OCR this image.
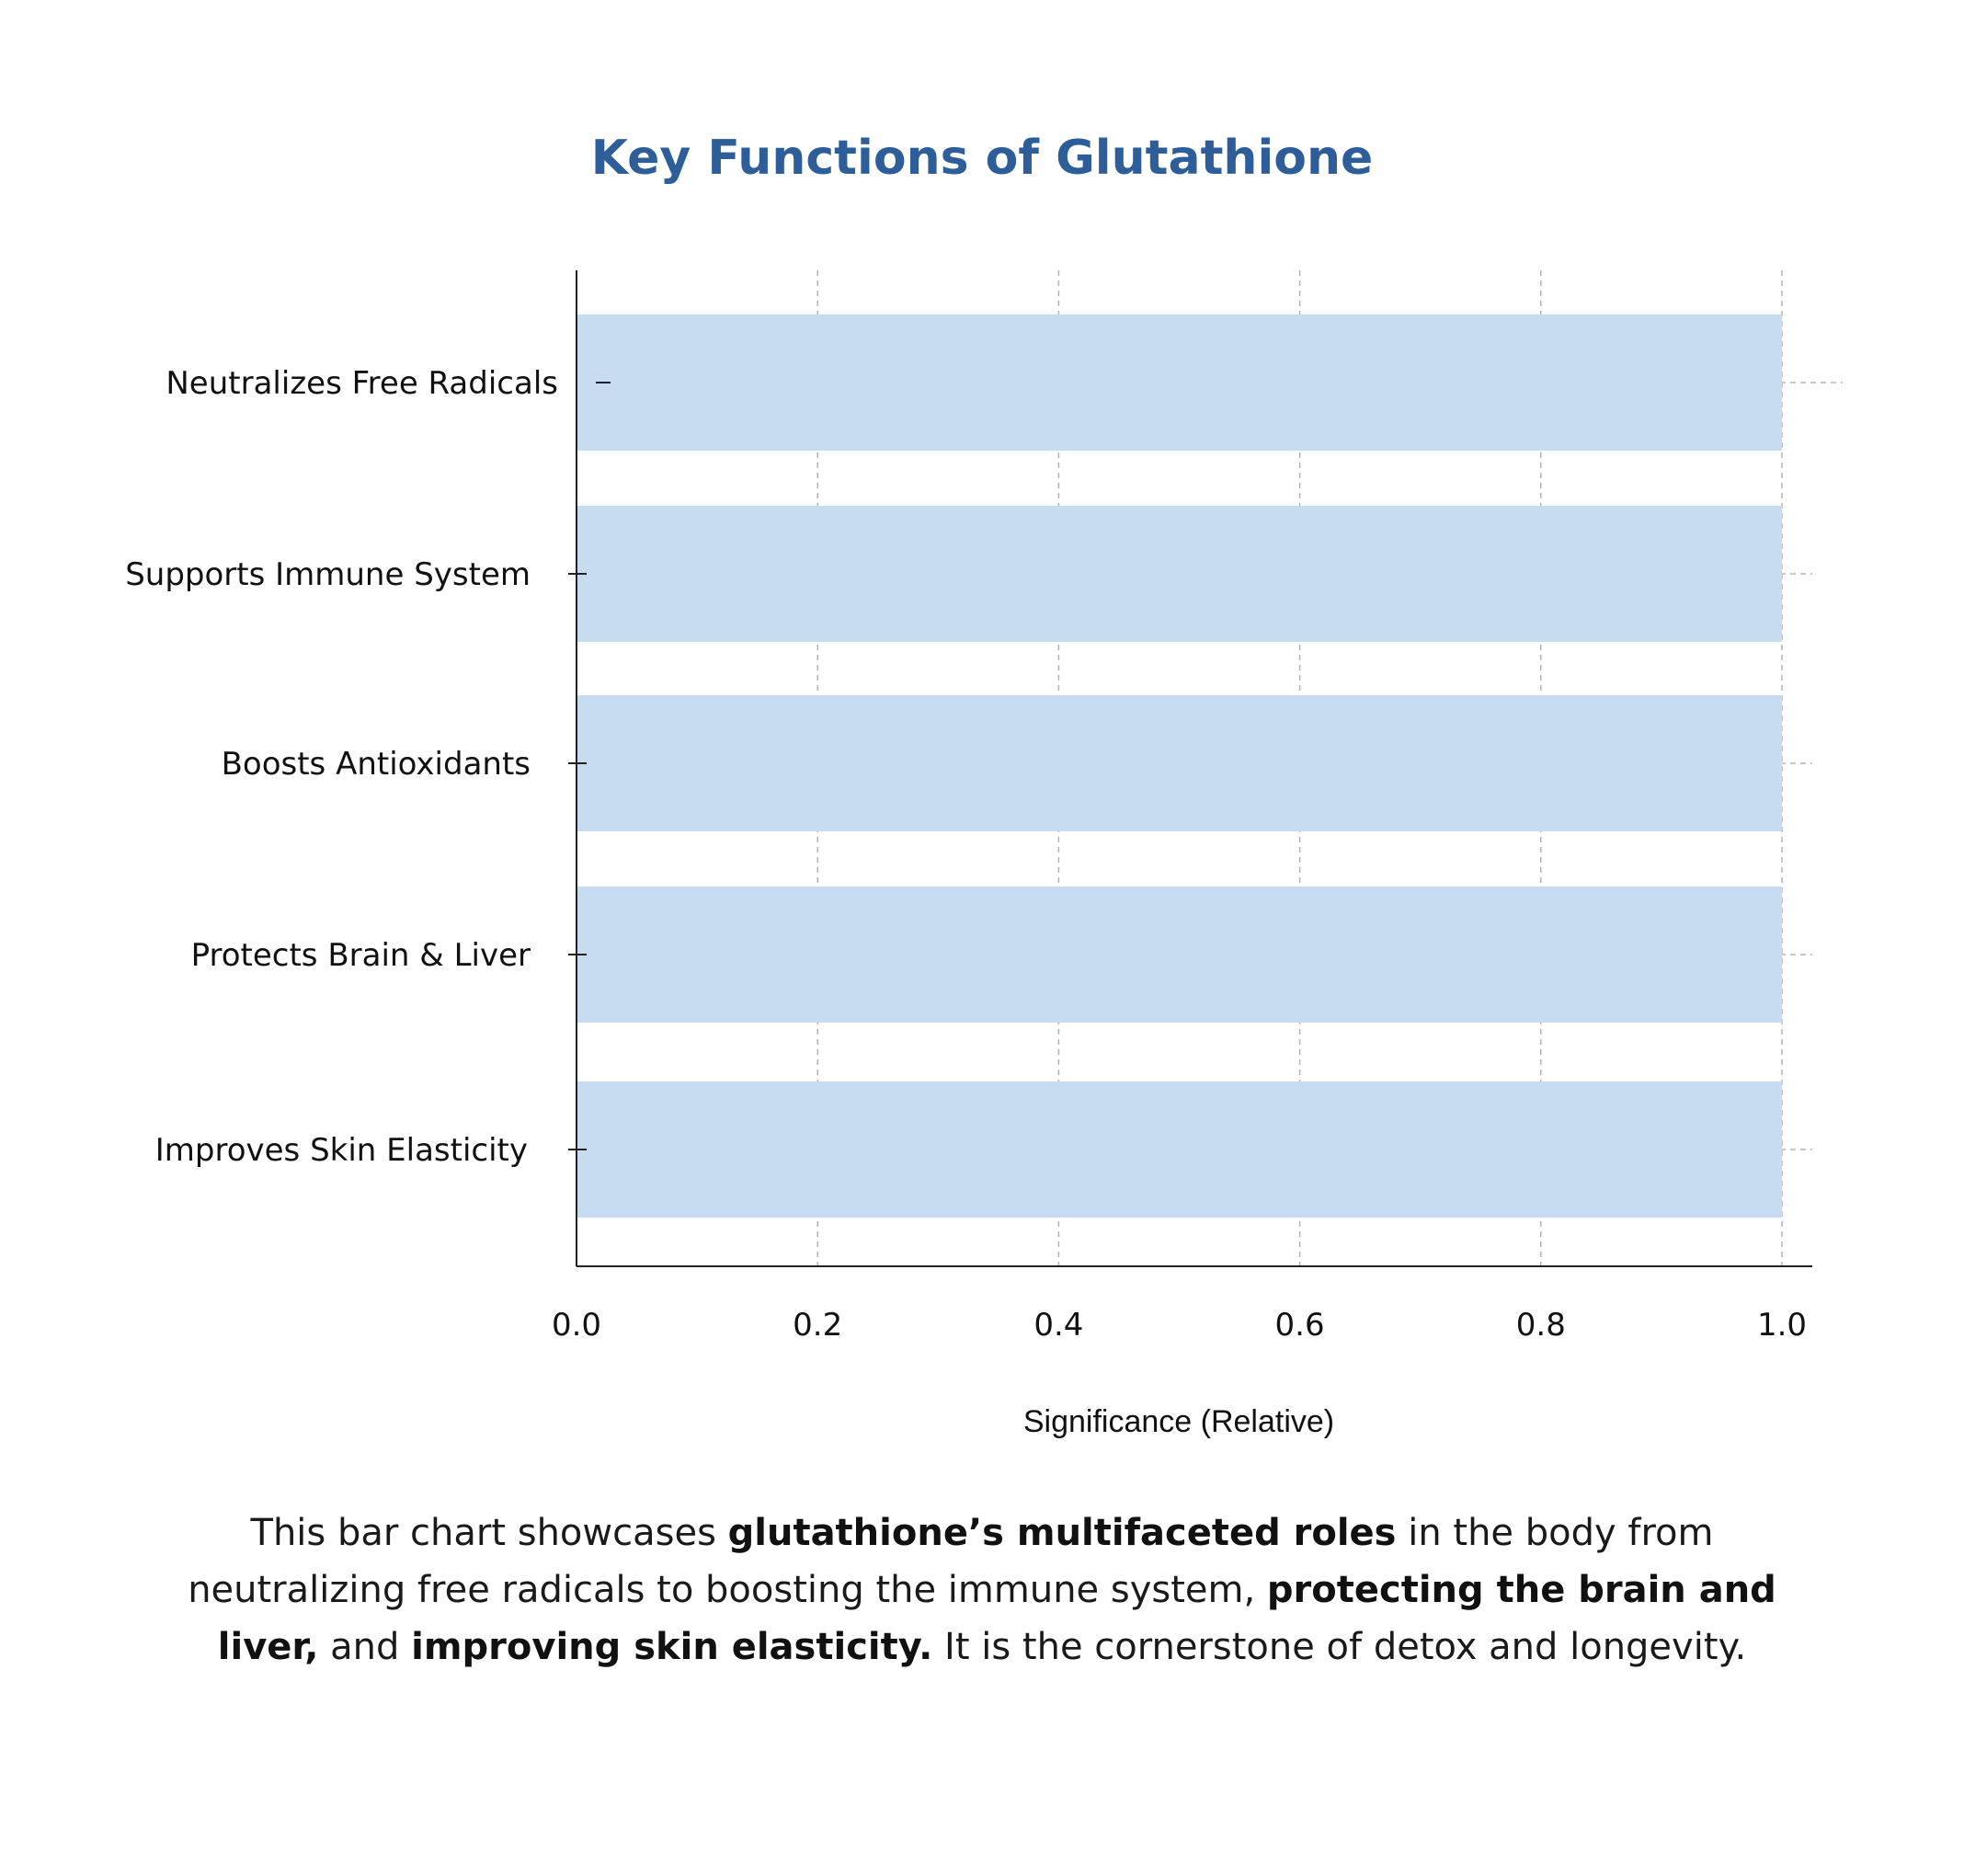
Key Functions of Glutathione
Neutralizes Free Radicals
Supports Immune System
Boosts Antioxidants
Protects Brain & Liver
Improves Skin Elasticity
0.0	0.2	0.4	0.6	0.8	1.0
Significance (Relative)
This bar chart showcases glutathione’s multifaceted roles in the body from neutralizing free radicals to boosting the immune system, protecting the brain and liver, and improving skin elasticity. It is the cornerstone of detox and longevity.
